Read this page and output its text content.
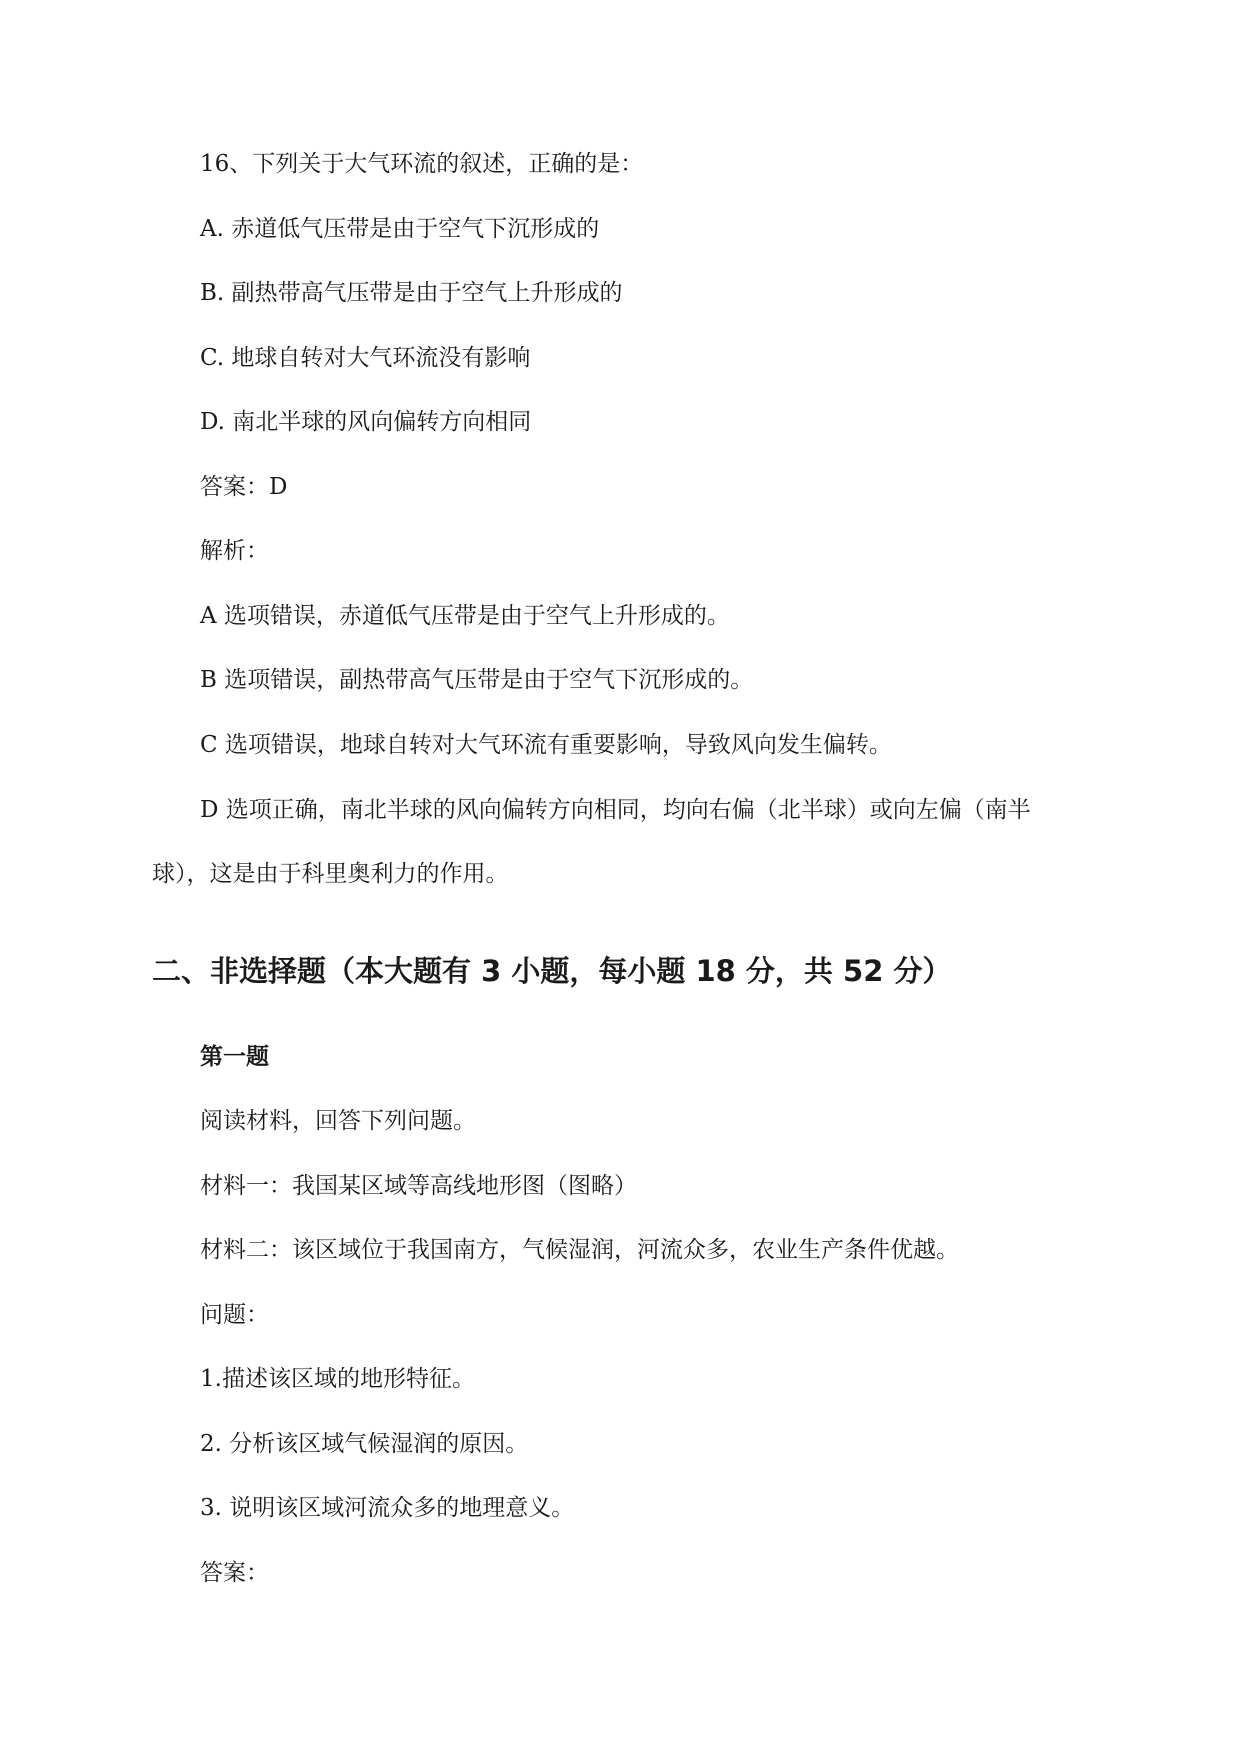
16、下列关于大气环流的叙述，正确的是：
A. 赤道低气压带是由于空气下沉形成的
B. 副热带高气压带是由于空气上升形成的
C. 地球自转对大气环流没有影响
D. 南北半球的风向偏转方向相同
答案：D
解析：
A 选项错误，赤道低气压带是由于空气上升形成的。
B 选项错误，副热带高气压带是由于空气下沉形成的。
C 选项错误，地球自转对大气环流有重要影响，导致风向发生偏转。
D 选项正确，南北半球的风向偏转方向相同，均向右偏（北半球）或向左偏（南半
球），这是由于科里奥利力的作用。
二、非选择题（本大题有 3 小题，每小题 18 分，共 52 分）
第一题
阅读材料，回答下列问题。
材料一：我国某区域等高线地形图（图略）
材料二：该区域位于我国南方，气候湿润，河流众多，农业生产条件优越。
问题：
1.描述该区域的地形特征。
2. 分析该区域气候湿润的原因。
3. 说明该区域河流众多的地理意义。
答案：
